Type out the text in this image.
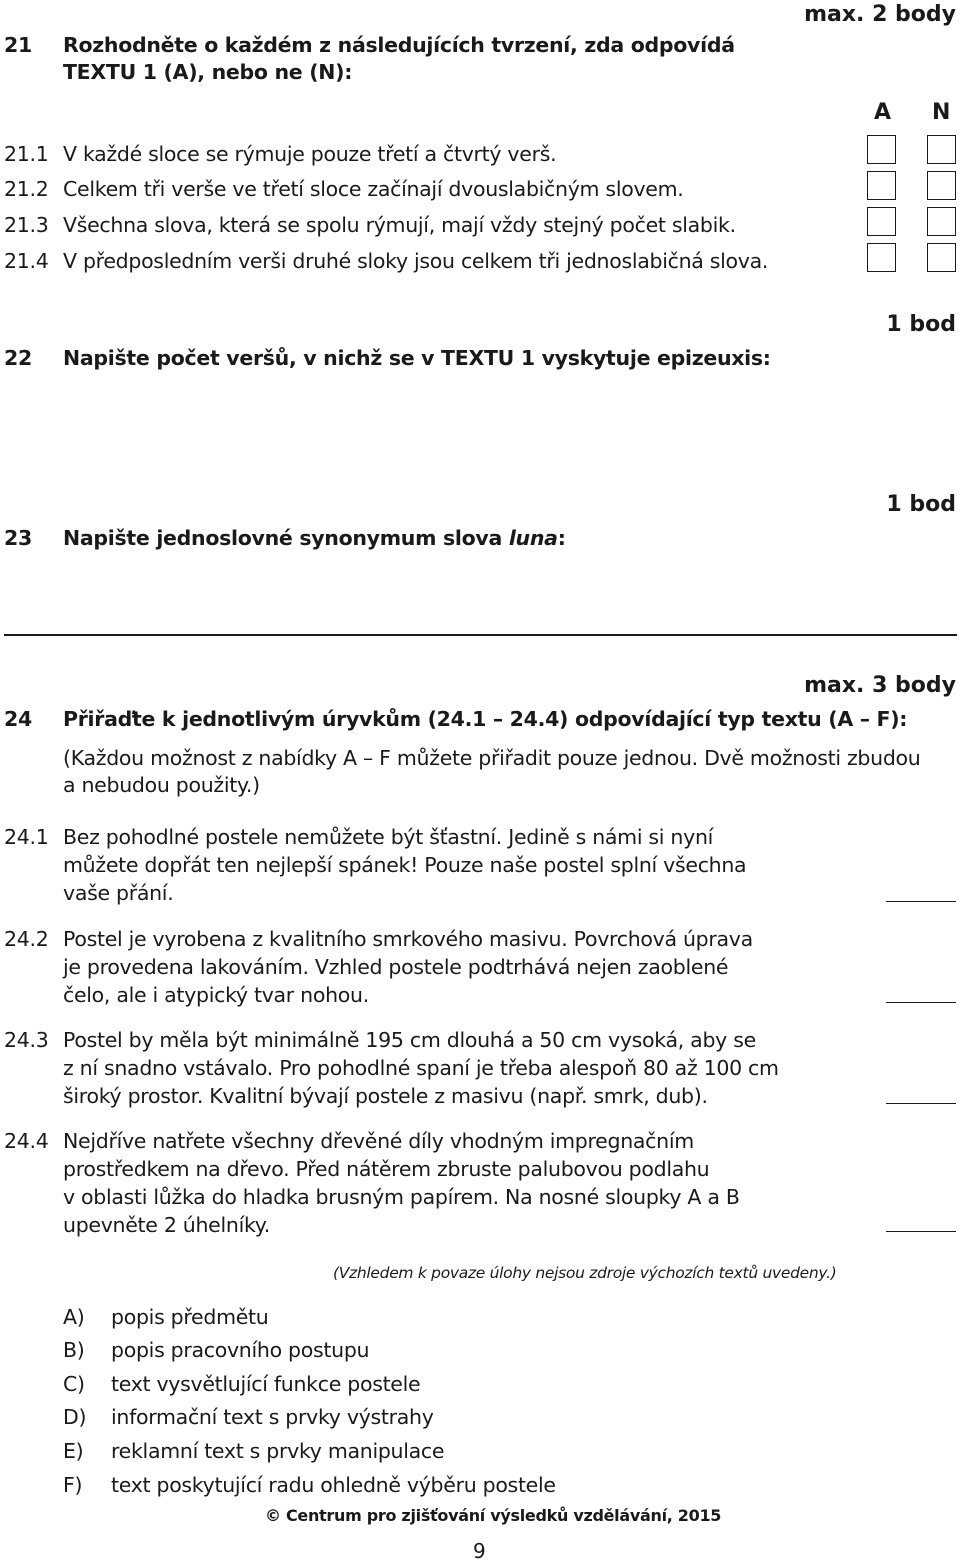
max. 2 body
21 Rozhodněte o každém z následujících tvrzení, zda odpovídá
TEXTU 1 (A), nebo ne (N):
A N
21.1 V každé sloce se rýmuje pouze třetí a čtvrtý verš.
21.2 Celkem tři verše ve třetí sloce začínají dvouslabičným slovem.
21.3 Všechna slova, která se spolu rýmují, mají vždy stejný počet slabik.
21.4 V předposledním verši druhé sloky jsou celkem tři jednoslabičná slova.
1 bod
22 Napište počet veršů, v nichž se v TEXTU 1 vyskytuje epizeuxis:
1 bod
23 Napište jednoslovné synonymum slova luna:
max. 3 body
24 Přiřaďte k jednotlivým úryvkům (24.1 – 24.4) odpovídající typ textu (A – F):
(Každou možnost z nabídky A – F můžete přiřadit pouze jednou. Dvě možnosti zbudou
a nebudou použity.)
24.1 Bez pohodlné postele nemůžete být šťastní. Jedině s námi si nyní
můžete dopřát ten nejlepší spánek! Pouze naše postel splní všechna
vaše přání.
24.2 Postel je vyrobena z kvalitního smrkového masivu. Povrchová úprava
je provedena lakováním. Vzhled postele podtrhává nejen zaoblené
čelo, ale i atypický tvar nohou.
24.3 Postel by měla být minimálně 195 cm dlouhá a 50 cm vysoká, aby se
z ní snadno vstávalo. Pro pohodlné spaní je třeba alespoň 80 až 100 cm
široký prostor. Kvalitní bývají postele z masivu (např. smrk, dub).
24.4 Nejdříve natřete všechny dřevěné díly vhodným impregnačním
prostředkem na dřevo. Před nátěrem zbruste palubovou podlahu
v oblasti lůžka do hladka brusným papírem. Na nosné sloupky A a B
upevněte 2 úhelníky.
(Vzhledem k povaze úlohy nejsou zdroje výchozích textů uvedeny.)
A) popis předmětu
B) popis pracovního postupu
C) text vysvětlující funkce postele
D) informační text s prvky výstrahy
E) reklamní text s prvky manipulace
F) text poskytující radu ohledně výběru postele
© Centrum pro zjišťování výsledků vzdělávání, 2015
9
